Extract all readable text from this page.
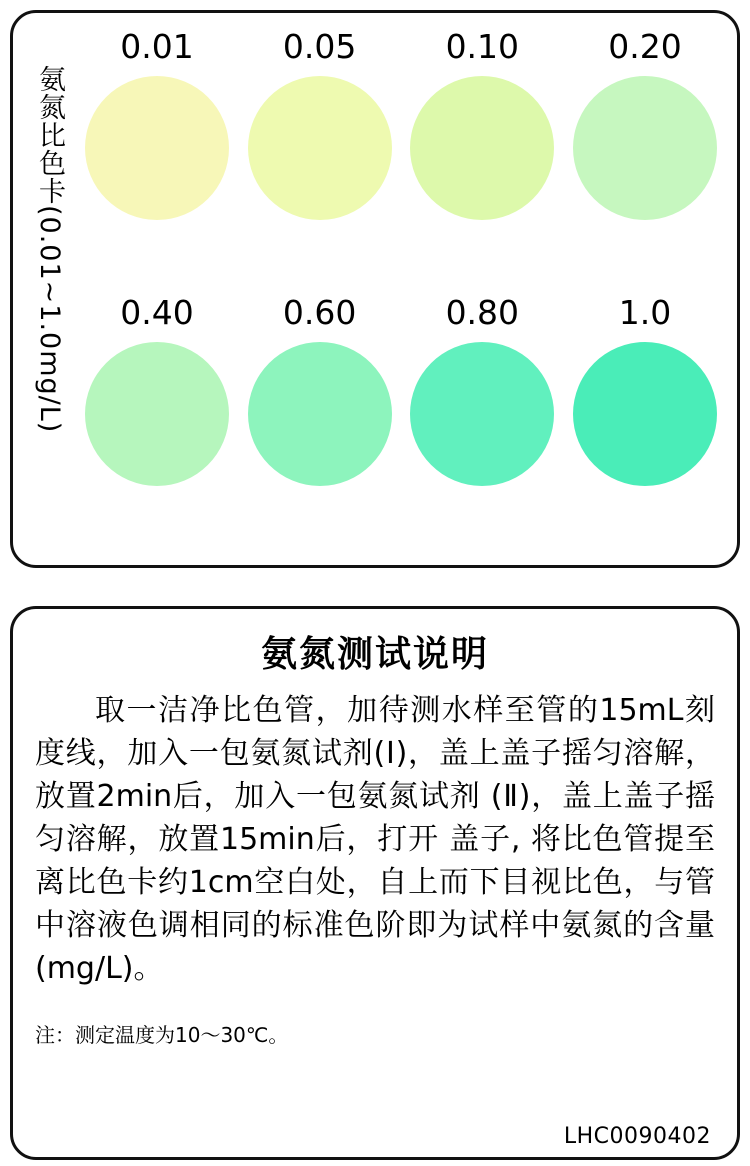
氨氮比色卡(0.01~1.0mg/L)
0.01	0.05	0.10	0.20
0.40	0.60	0.80	1.0
氨氮测试说明
取一洁净比色管，加待测水样至管的15mL刻度线，加入一包氨氮试剂(Ⅰ)，盖上盖子摇匀溶解，放置2min后，加入一包氨氮试剂 (Ⅱ)，盖上盖子摇匀溶解，放置15min后，打开 盖子, 将比色管提至离比色卡约1cm空白处，自上而下目视比色，与管中溶液色调相同的标准色阶即为试样中氨氮的含量(mg/L)。
注：测定温度为10～30℃。
LHC0090402
